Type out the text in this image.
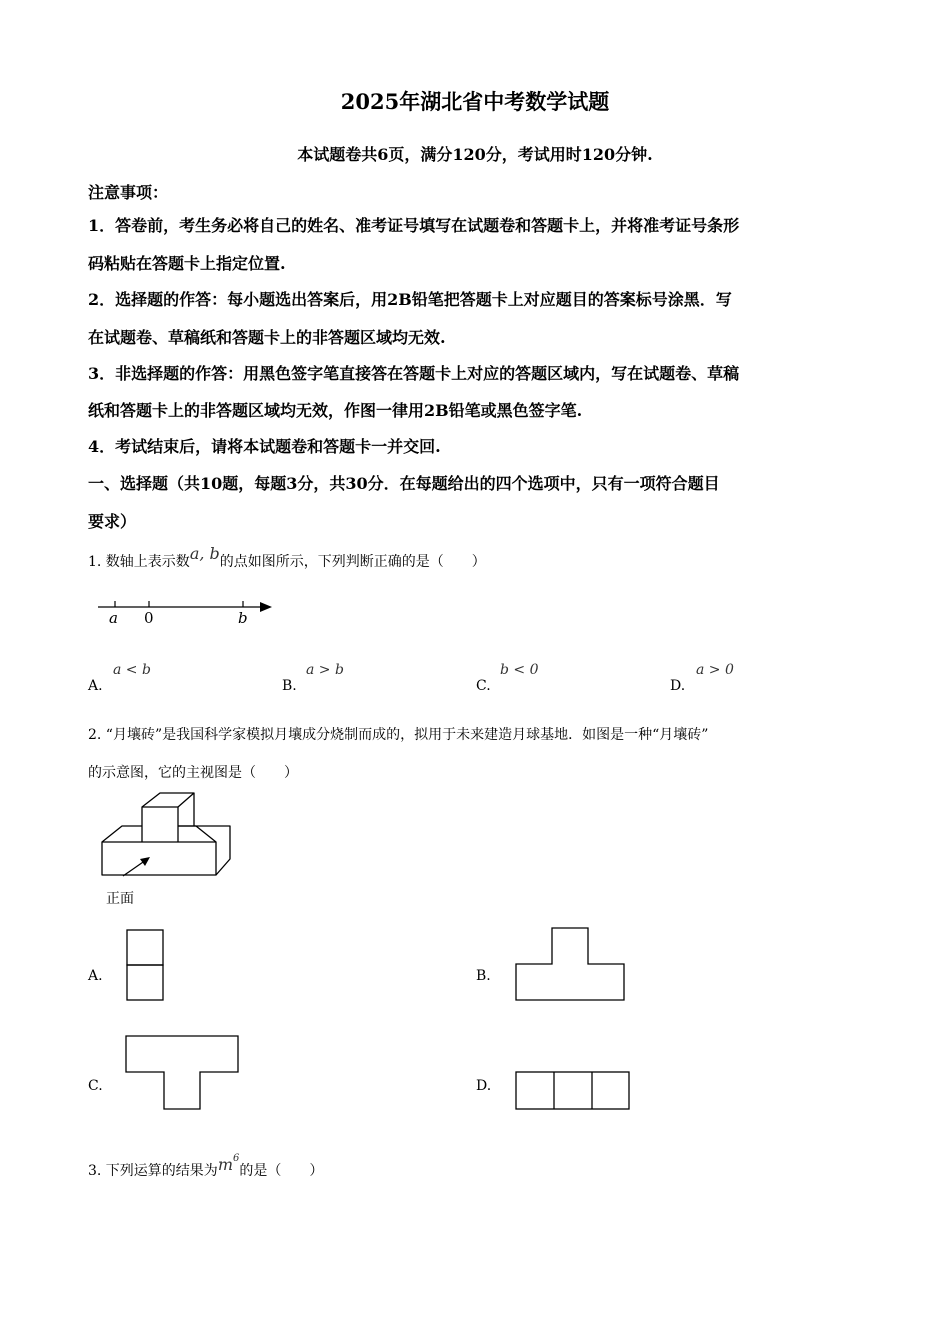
2025年湖北省中考数学试题
本试题卷共6页，满分120分，考试用时120分钟.
注意事项：
1．答卷前，考生务必将自己的姓名、准考证号填写在试题卷和答题卡上，并将准考证号条形
码粘贴在答题卡上指定位置.
2．选择题的作答：每小题选出答案后，用2B铅笔把答题卡上对应题目的答案标号涂黑．写
在试题卷、草稿纸和答题卡上的非答题区域均无效.
3．非选择题的作答：用黑色签字笔直接答在答题卡上对应的答题区域内，写在试题卷、草稿
纸和答题卡上的非答题区域均无效，作图一律用2B铅笔或黑色签字笔.
4．考试结束后，请将本试题卷和答题卡一并交回.
一、选择题（共10题，每题3分，共30分．在每题给出的四个选项中，只有一项符合题目
要求）
1. 数轴上表示数a, b的点如图所示，下列判断正确的是（　　）
a 0	b
A.
a < b
B.
a > b
C.
b < 0
D.
a > 0
2. “月壤砖”是我国科学家模拟月壤成分烧制而成的，拟用于未来建造月球基地．如图是一种“月壤砖”
的示意图，它的主视图是（　　）
正面
A.	B.
C.	D.
3. 下列运算的结果为$m^6$的是（　　）
